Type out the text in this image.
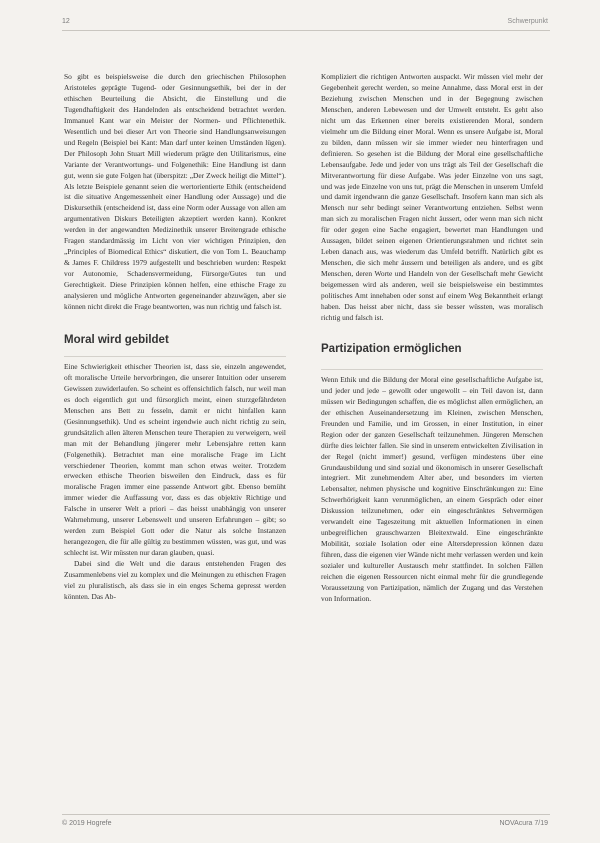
12	Schwerpunkt

So gibt es beispielsweise die durch den griechischen Philosophen Aristoteles geprägte Tugend- oder Gesinnungsethik, bei der in der ethischen Beurteilung die Absicht, die Einstellung und die Tugendhaftigkeit des Handelnden als entscheidend betrachtet werden. Immanuel Kant war ein Meister der Normen- und Pflichtenethik. Wesentlich und bei dieser Art von Theorie sind Handlungsanweisungen und Regeln (Beispiel bei Kant: Man darf unter keinen Umständen lügen). Der Philosoph John Stuart Mill wiederum prägte den Utilitarismus, eine Variante der Verantwortungs- und Folgenethik: Eine Handlung ist dann gut, wenn sie gute Folgen hat (überspitzt: „Der Zweck heiligt die Mittel“). Als letzte Beispiele genannt seien die wertorientierte Ethik (entscheidend ist die situative Angemessenheit einer Handlung oder Aussage) und die Diskursethik (entscheidend ist, dass eine Norm oder Aussage von allen am argumentativen Diskurs Beteiligten akzeptiert werden kann). Konkret werden in der angewandten Medizinethik unserer Breitengrade ethische Fragen standardmässig im Licht von vier wichtigen Prinzipien, den „Principles of Biomedical Ethics“ diskutiert, die von Tom L. Beauchamp & James F. Childress 1979 aufgestellt und beschrieben wurden: Respekt vor Autonomie, Schadensvermeidung, Fürsorge/Gutes tun und Gerechtigkeit. Diese Prinzipien können helfen, eine ethische Frage zu analysieren und mögliche Antworten gegeneinander abzuwägen, aber sie können nicht direkt die Frage beantworten, was nun richtig und falsch ist.

Moral wird gebildet

Eine Schwierigkeit ethischer Theorien ist, dass sie, einzeln angewendet, oft moralische Urteile hervorbringen, die unserer Intuition oder unserem Gewissen zuwiderlaufen. So scheint es offensichtlich falsch, nur weil man es doch eigentlich gut und fürsorglich meint, einen sturzgefährdeten Menschen ans Bett zu fesseln, damit er nicht hinfallen kann (Gesinnungsethik). Und es scheint irgendwie auch nicht richtig zu sein, grundsätzlich allen älteren Menschen teure Therapien zu verweigern, weil man mit der Behandlung jüngerer mehr Lebensjahre retten kann (Folgenethik). Betrachtet man eine moralische Frage im Licht verschiedener Theorien, kommt man schon etwas weiter. Trotzdem erwecken ethische Theorien bisweilen den Eindruck, dass es für moralische Fragen immer eine passende Antwort gibt. Ebenso bemüht immer wieder die Auffassung vor, dass es das objektiv Richtige und Falsche in unserer Welt a priori – das heisst unabhängig von unserer Wahrnehmung, unserer Lebenswelt und unseren Erfahrungen – gibt; so werden zum Beispiel Gott oder die Natur als solche Instanzen herangezogen, die für alle gültig zu bestimmen wüssten, was gut, und was schlecht ist. Wir müssten nur daran glauben, quasi.

Dabei sind die Welt und die daraus entstehenden Fragen des Zusammenlebens viel zu komplex und die Meinungen zu ethischen Fragen viel zu pluralistisch, als dass sie in ein enges Schema gepresst werden könnten. Das Ab-

Kompliziert die richtigen Antworten auspackt. Wir müssen viel mehr der Gegebenheit gerecht werden, so meine Annahme, dass Moral erst in der Beziehung zwischen Menschen und in der Begegnung zwischen Menschen, anderen Lebewesen und der Umwelt entsteht. Es geht also nicht um das Erkennen einer bereits existierenden Moral, sondern vielmehr um die Bildung einer Moral. Wenn es unsere Aufgabe ist, Moral zu bilden, dann müssen wir sie immer wieder neu hinterfragen und definieren. So gesehen ist die Bildung der Moral eine gesellschaftliche Lebensaufgabe. Jede und jeder von uns trägt als Teil der Gesellschaft die Mitverantwortung für diese Aufgabe. Was jeder Einzelne von uns sagt, und was jede Einzelne von uns tut, prägt die Menschen in unserem Umfeld und damit irgendwann die ganze Gesellschaft. Insofern kann man sich als Mensch nur sehr bedingt seiner Verantwortung entziehen. Selbst wenn man sich zu moralischen Fragen nicht äussert, oder wenn man sich nicht für oder gegen eine Sache engagiert, bewertet man Handlungen und Aussagen, bildet seinen eigenen Orientierungsrahmen und richtet sein Leben danach aus, was wiederum das Umfeld betrifft. Natürlich gibt es Menschen, die sich mehr äussern und beteiligen als andere, und es gibt Menschen, deren Worte und Handeln von der Gesellschaft mehr Gewicht beigemessen wird als anderen, weil sie beispielsweise ein bestimmtes politisches Amt innehaben oder sonst auf einem Weg Bekanntheit erlangt haben. Das heisst aber nicht, dass sie besser wüssten, was moralisch richtig und falsch ist.

Partizipation ermöglichen

Wenn Ethik und die Bildung der Moral eine gesellschaftliche Aufgabe ist, und jeder und jede – gewollt oder ungewollt – ein Teil davon ist, dann müssen wir Bedingungen schaffen, die es möglichst allen ermöglichen, an der ethischen Auseinandersetzung im Kleinen, zwischen Menschen, Freunden und Familie, und im Grossen, in einer Institution, in einer Region oder der ganzen Gesellschaft teilzunehmen. Jüngeren Menschen dürfte dies leichter fallen. Sie sind in unserem entwickelten Zivilisation in der Regel (nicht immer!) gesund, verfügen mindestens über eine Grundausbildung und sind sozial und ökonomisch in unserer Gesellschaft integriert. Mit zunehmendem Alter aber, und besonders im vierten Lebensalter, nehmen physische und kognitive Einschränkungen zu: Eine Schwerhörigkeit kann verunmöglichen, an einem Gespräch oder einer Diskussion teilzunehmen, oder ein eingeschränktes Sehvermögen verwandelt eine Tageszeitung mit aktuellen Informationen in einen unbegreiflichen grauschwarzen Bleitextwald. Eine eingeschränkte Mobilität, soziale Isolation oder eine Altersdepression können dazu führen, dass die eigenen vier Wände nicht mehr verlassen werden und kein sozialer und kultureller Austausch mehr stattfindet. In solchen Fällen reichen die eigenen Ressourcen nicht einmal mehr für die grundlegende Voraussetzung von Partizipation, nämlich der Zugang und das Verstehen von Information.

© 2019 Hogrefe	NOVAcura 7/19
